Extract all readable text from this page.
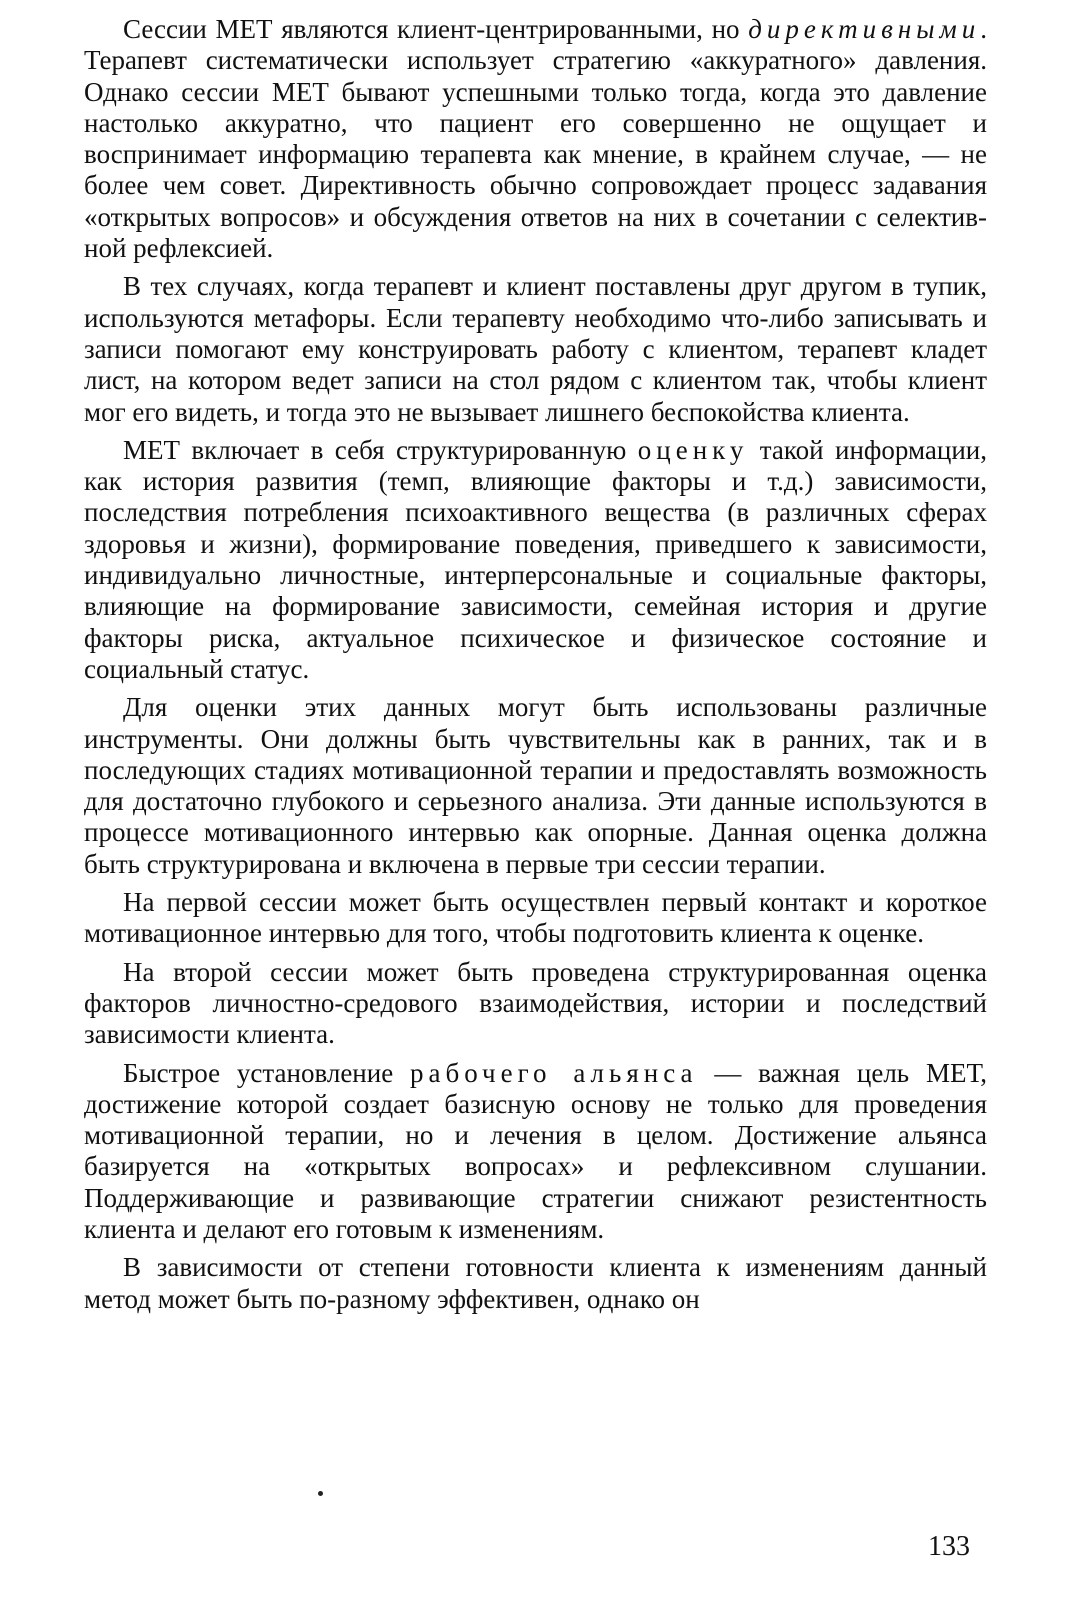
Сессии МЕТ являются клиент-центрированными, но директивными. Терапевт систематически использует стратегию «аккуратного» давления. Однако сессии МЕТ бывают успешными только тогда, когда это давление настолько аккуратно, что пациент его совершенно не ощущает и воспринимает информацию терапевта как мнение, в крайнем случае, — не более чем совет. Директивность обычно сопровождает процесс задавания «открытых вопросов» и обсуждения ответов на них в сочетании с селективной рефлексией.

В тех случаях, когда терапевт и клиент поставлены друг другом в тупик, используются метафоры. Если терапевту необходимо что-либо записывать и записи помогают ему конструировать работу с клиентом, терапевт кладет лист, на котором ведет записи на стол рядом с клиентом так, чтобы клиент мог его видеть, и тогда это не вызывает лишнего беспокойства клиента.

МЕТ включает в себя структурированную оценку такой информации, как история развития (темп, влияющие факторы и т.д.) зависимости, последствия потребления психоактивного вещества (в различных сферах здоровья и жизни), формирование поведения, приведшего к зависимости, индивидуально личностные, интерперсональные и социальные факторы, влияющие на формирование зависимости, семейная история и другие факторы риска, актуальное психическое и физическое состояние и социальный статус.

Для оценки этих данных могут быть использованы различные инструменты. Они должны быть чувствительны как в ранних, так и в последующих стадиях мотивационной терапии и предоставлять возможность для достаточно глубокого и серьезного анализа. Эти данные используются в процессе мотивационного интервью как опорные. Данная оценка должна быть структурирована и включена в первые три сессии терапии.

На первой сессии может быть осуществлен первый контакт и короткое мотивационное интервью для того, чтобы подготовить клиента к оценке.

На второй сессии может быть проведена структурированная оценка факторов личностно-средового взаимодействия, истории и последствий зависимости клиента.

Быстрое установление рабочего альянса — важная цель МЕТ, достижение которой создает базисную основу не только для проведения мотивационной терапии, но и лечения в целом. Достижение альянса базируется на «открытых вопросах» и рефлексивном слушании. Поддерживающие и развивающие стратегии снижают резистентность клиента и делают его готовым к изменениям.

В зависимости от степени готовности клиента к изменениям данный метод может быть по-разному эффективен, однако он

133
